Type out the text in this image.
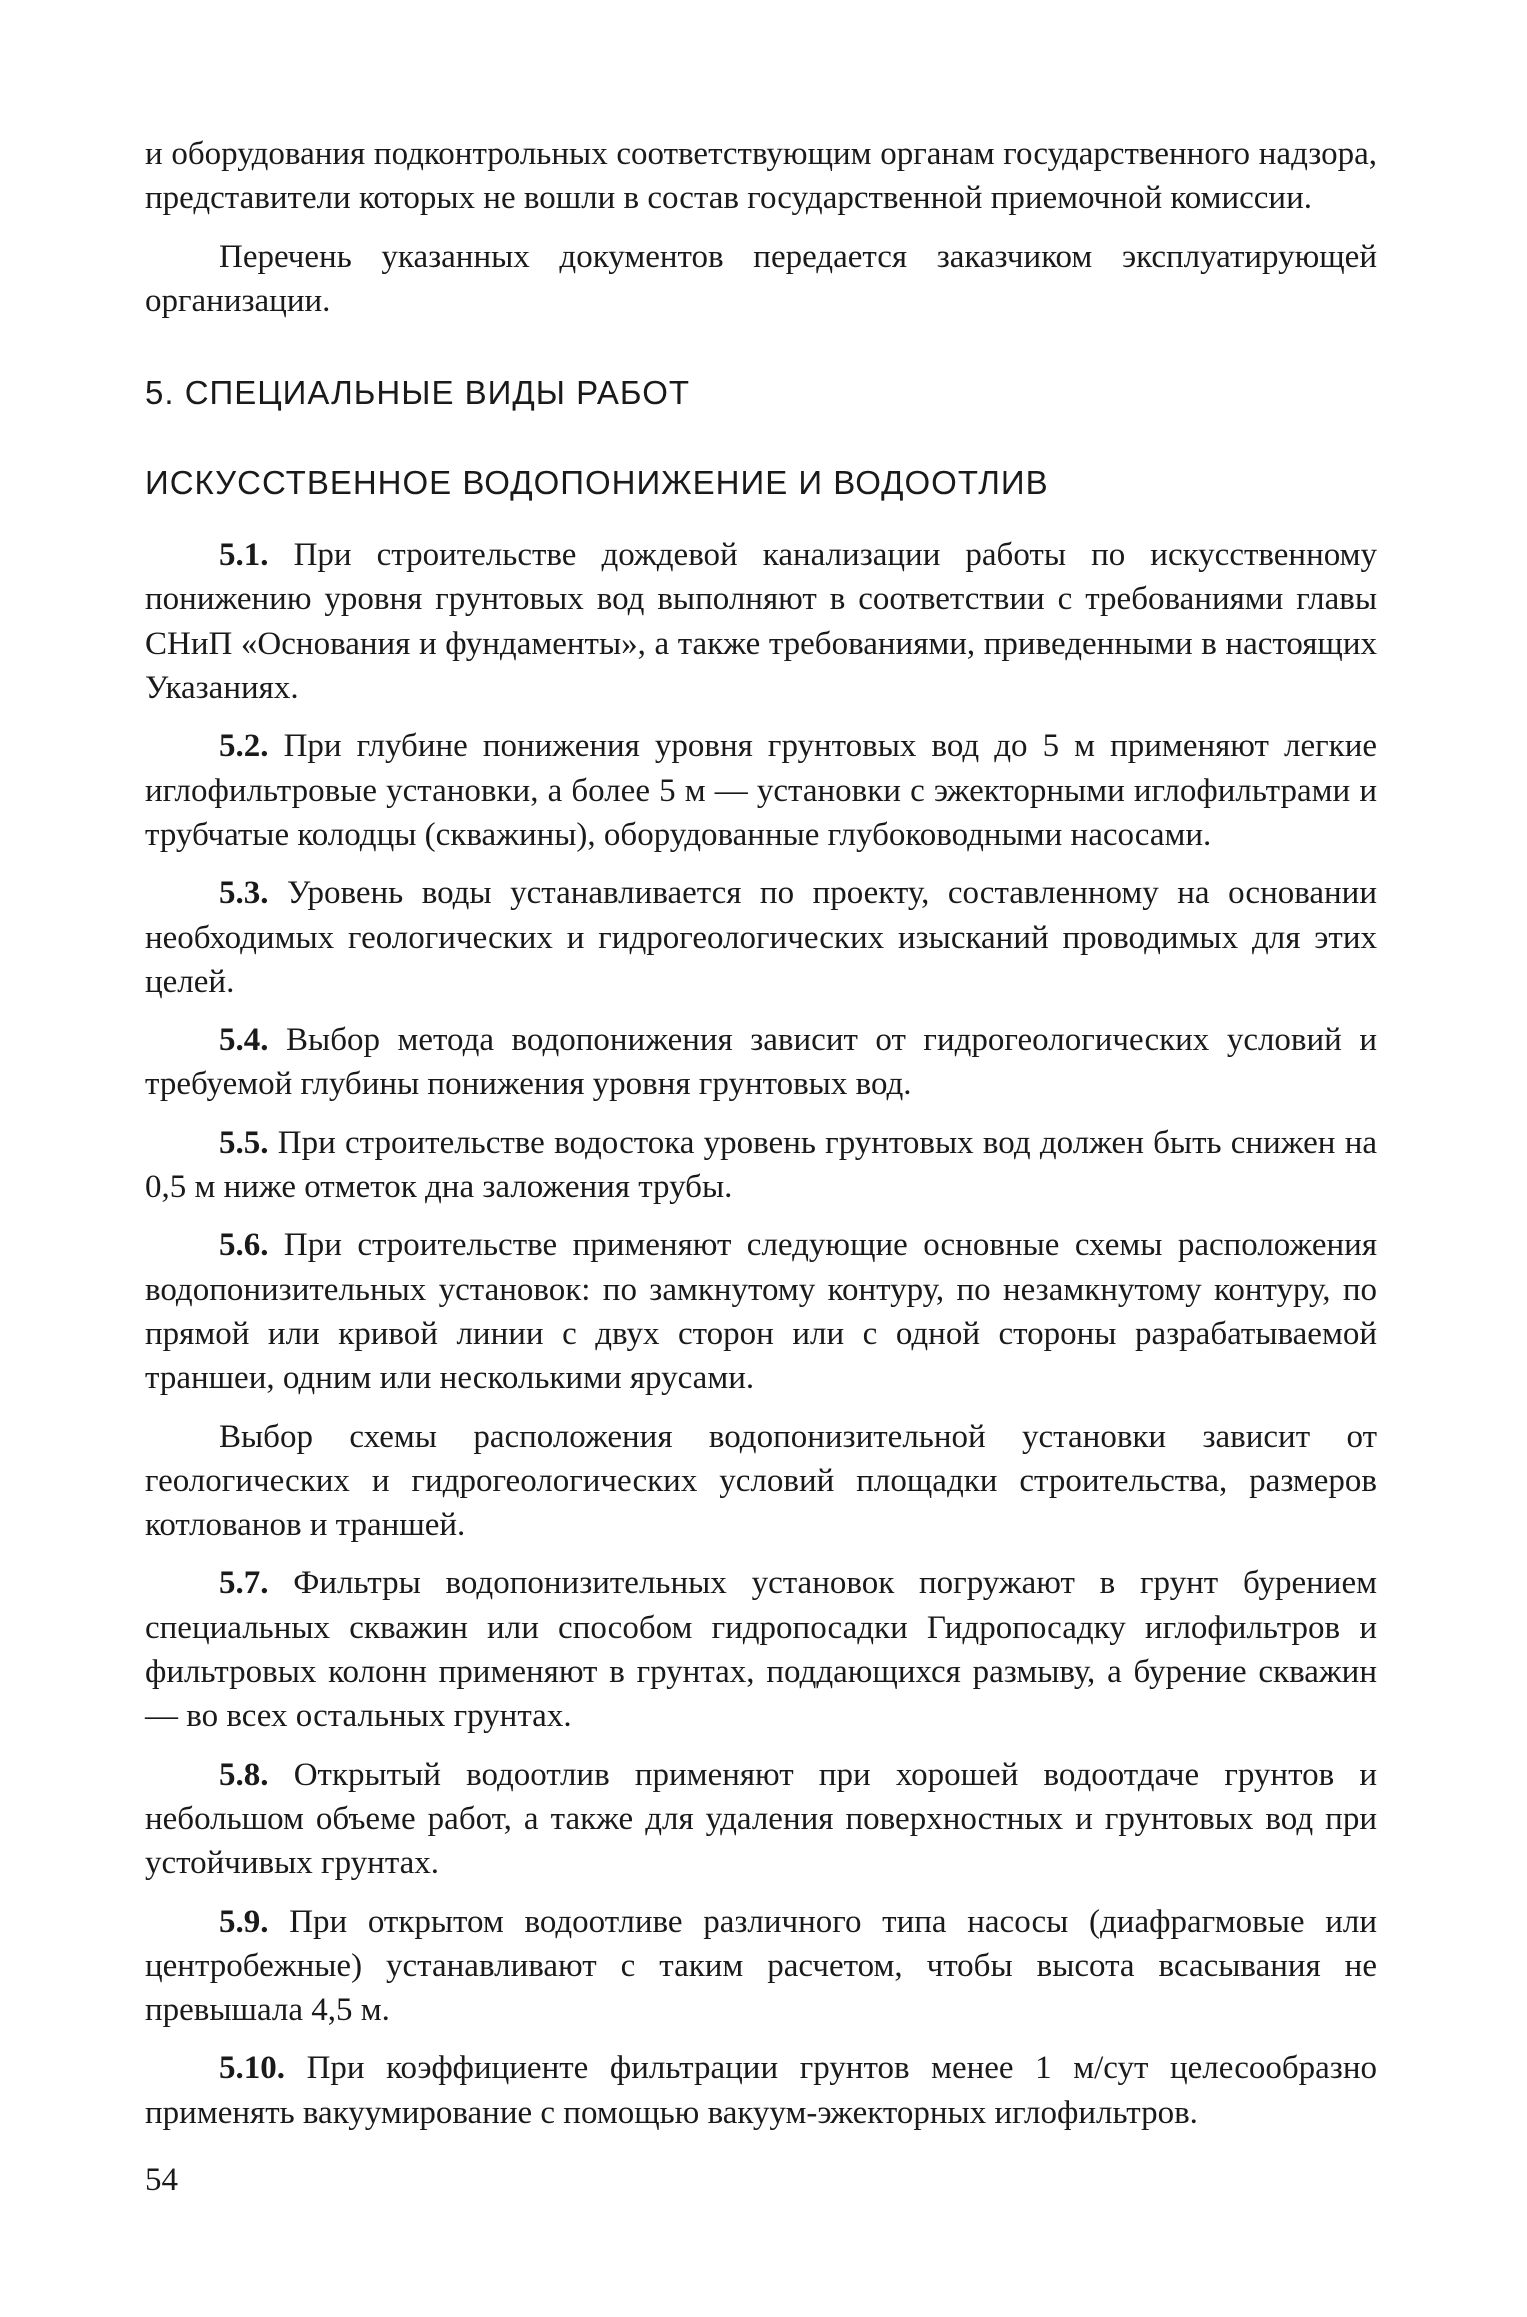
и оборудования подконтрольных соответствующим органам государственного надзора, представители которых не вошли в состав государственной приемочной комиссии.

Перечень указанных документов передается заказчиком эксплуатирующей организации.

5. СПЕЦИАЛЬНЫЕ ВИДЫ РАБОТ

ИСКУССТВЕННОЕ ВОДОПОНИЖЕНИЕ И ВОДООТЛИВ

5.1. При строительстве дождевой канализации работы по искусственному понижению уровня грунтовых вод выполняют в соответствии с требованиями главы СНиП «Основания и фундаменты», а также требованиями, приведенными в настоящих Указаниях.

5.2. При глубине понижения уровня грунтовых вод до 5 м применяют легкие иглофильтровые установки, а более 5 м — установки с эжекторными иглофильтрами и трубчатые колодцы (скважины), оборудованные глубоководными насосами.

5.3. Уровень воды устанавливается по проекту, составленному на основании необходимых геологических и гидрогеологических изысканий проводимых для этих целей.

5.4. Выбор метода водопонижения зависит от гидрогеологических условий и требуемой глубины понижения уровня грунтовых вод.

5.5. При строительстве водостока уровень грунтовых вод должен быть снижен на 0,5 м ниже отметок дна заложения трубы.

5.6. При строительстве применяют следующие основные схемы расположения водопонизительных установок: по замкнутому контуру, по незамкнутому контуру, по прямой или кривой линии с двух сторон или с одной стороны разрабатываемой траншеи, одним или несколькими ярусами.

Выбор схемы расположения водопонизительной установки зависит от геологических и гидрогеологических условий площадки строительства, размеров котлованов и траншей.

5.7. Фильтры водопонизительных установок погружают в грунт бурением специальных скважин или способом гидропосадки Гидропосадку иглофильтров и фильтровых колонн применяют в грунтах, поддающихся размыву, а бурение скважин — во всех остальных грунтах.

5.8. Открытый водоотлив применяют при хорошей водоотдаче грунтов и небольшом объеме работ, а также для удаления поверхностных и грунтовых вод при устойчивых грунтах.

5.9. При открытом водоотливе различного типа насосы (диафрагмовые или центробежные) устанавливают с таким расчетом, чтобы высота всасывания не превышала 4,5 м.

5.10. При коэффициенте фильтрации грунтов менее 1 м/сут целесообразно применять вакуумирование с помощью вакуум-эжекторных иглофильтров.

54
